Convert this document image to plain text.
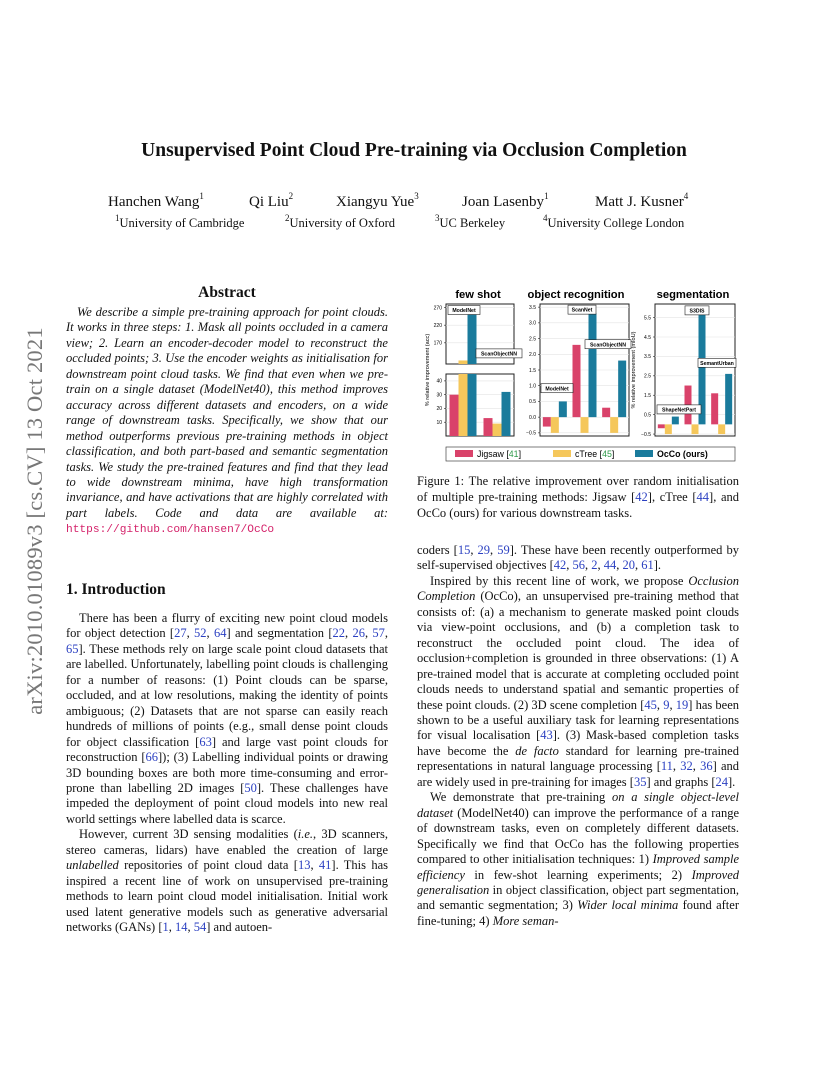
arXiv:2010.01089v3 [cs.CV] 13 Oct 2021
Unsupervised Point Cloud Pre-training via Occlusion Completion
Hanchen Wang$^1$	Qi Liu$^2$	Xiangyu Yue$^3$	Joan Lasenby$^1$	Matt J. Kusner$^4$
$^1$University of Cambridge	$^2$University of Oxford	$^3$UC Berkeley	$^4$University College London
Abstract
We describe a simple pre-training approach for point clouds. It works in three steps: 1. Mask all points occluded in a camera view; 2. Learn an encoder-decoder model to reconstruct the occluded points; 3. Use the encoder weights as initialisation for downstream point cloud tasks. We find that even when we pre-train on a single dataset (ModelNet40), this method improves accuracy across different datasets and encoders, on a wide range of downstream tasks. Specifically, we show that our method outperforms previous pre-training methods in object classification, and both part-based and semantic segmentation tasks. We study the pre-trained features and find that they lead to wide downstream minima, have high transformation invariance, and have activations that are highly correlated with part labels. Code and data are available at: https://github.com/hansen7/OcCo
1. Introduction

There has been a flurry of exciting new point cloud models for object detection [27, 52, 64] and segmentation [22, 26, 57, 65]. These methods rely on large scale point cloud datasets that are labelled. Unfortunately, labelling point clouds is challenging for a number of reasons: (1) Point clouds can be sparse, occluded, and at low resolutions, making the identity of points ambiguous; (2) Datasets that are not sparse can easily reach hundreds of millions of points (e.g., small dense point clouds for object classification [63] and large vast point clouds for reconstruction [66]); (3) Labelling individual points or drawing 3D bounding boxes are both more time-consuming and error-prone than labelling 2D images [50]. These challenges have impeded the deployment of point cloud models into new real world settings where labelled data is scarce.

However, current 3D sensing modalities (i.e., 3D scanners, stereo cameras, lidars) have enabled the creation of large unlabelled repositories of point cloud data [13, 41]. This has inspired a recent line of work on unsupervised pre-training methods to learn point cloud model initialisation. Initial work used latent generative models such as generative adversarial networks (GANs) [1, 14, 54] and autoen-

few shot object recognition	segmentation
170
220
270
10
20
30
40
ModelNet
ScanObjectNN
−0.5
0.0
0.5
1.0
1.5
2.0
2.5
3.0
3.5	ScanNet
ScanObjectNN
ModelNet
−0.5
0.5
1.5
2.5
3.5
4.5
5.5
S3DIS
SemantUrban
ShapeNetPart
% relative improvement (acc)	% relative improvement (mIoU)
Jigsaw [41]	cTree [45]	OcCo (ours)
Figure 1: The relative improvement over random initialisation of multiple pre-training methods: Jigsaw [42], cTree [44], and OcCo (ours) for various downstream tasks.

coders [15, 29, 59]. These have been recently outperformed by self-supervised objectives [42, 56, 2, 44, 20, 61].

Inspired by this recent line of work, we propose Occlusion Completion (OcCo), an unsupervised pre-training method that consists of: (a) a mechanism to generate masked point clouds via view-point occlusions, and (b) a completion task to reconstruct the occluded point cloud. The idea of occlusion+completion is grounded in three observations: (1) A pre-trained model that is accurate at completing occluded point clouds needs to understand spatial and semantic properties of these point clouds. (2) 3D scene completion [45, 9, 19] has been shown to be a useful auxiliary task for learning representations for visual localisation [43]. (3) Mask-based completion tasks have become the de facto standard for learning pre-trained representations in natural language processing [11, 32, 36] and are widely used in pre-training for images [35] and graphs [24].

We demonstrate that pre-training on a single object-level dataset (ModelNet40) can improve the performance of a range of downstream tasks, even on completely different datasets. Specifically we find that OcCo has the following properties compared to other initialisation techniques: 1) Improved sample efficiency in few-shot learning experiments; 2) Improved generalisation in object classification, object part segmentation, and semantic segmentation; 3) Wider local minima found after fine-tuning; 4) More seman-
